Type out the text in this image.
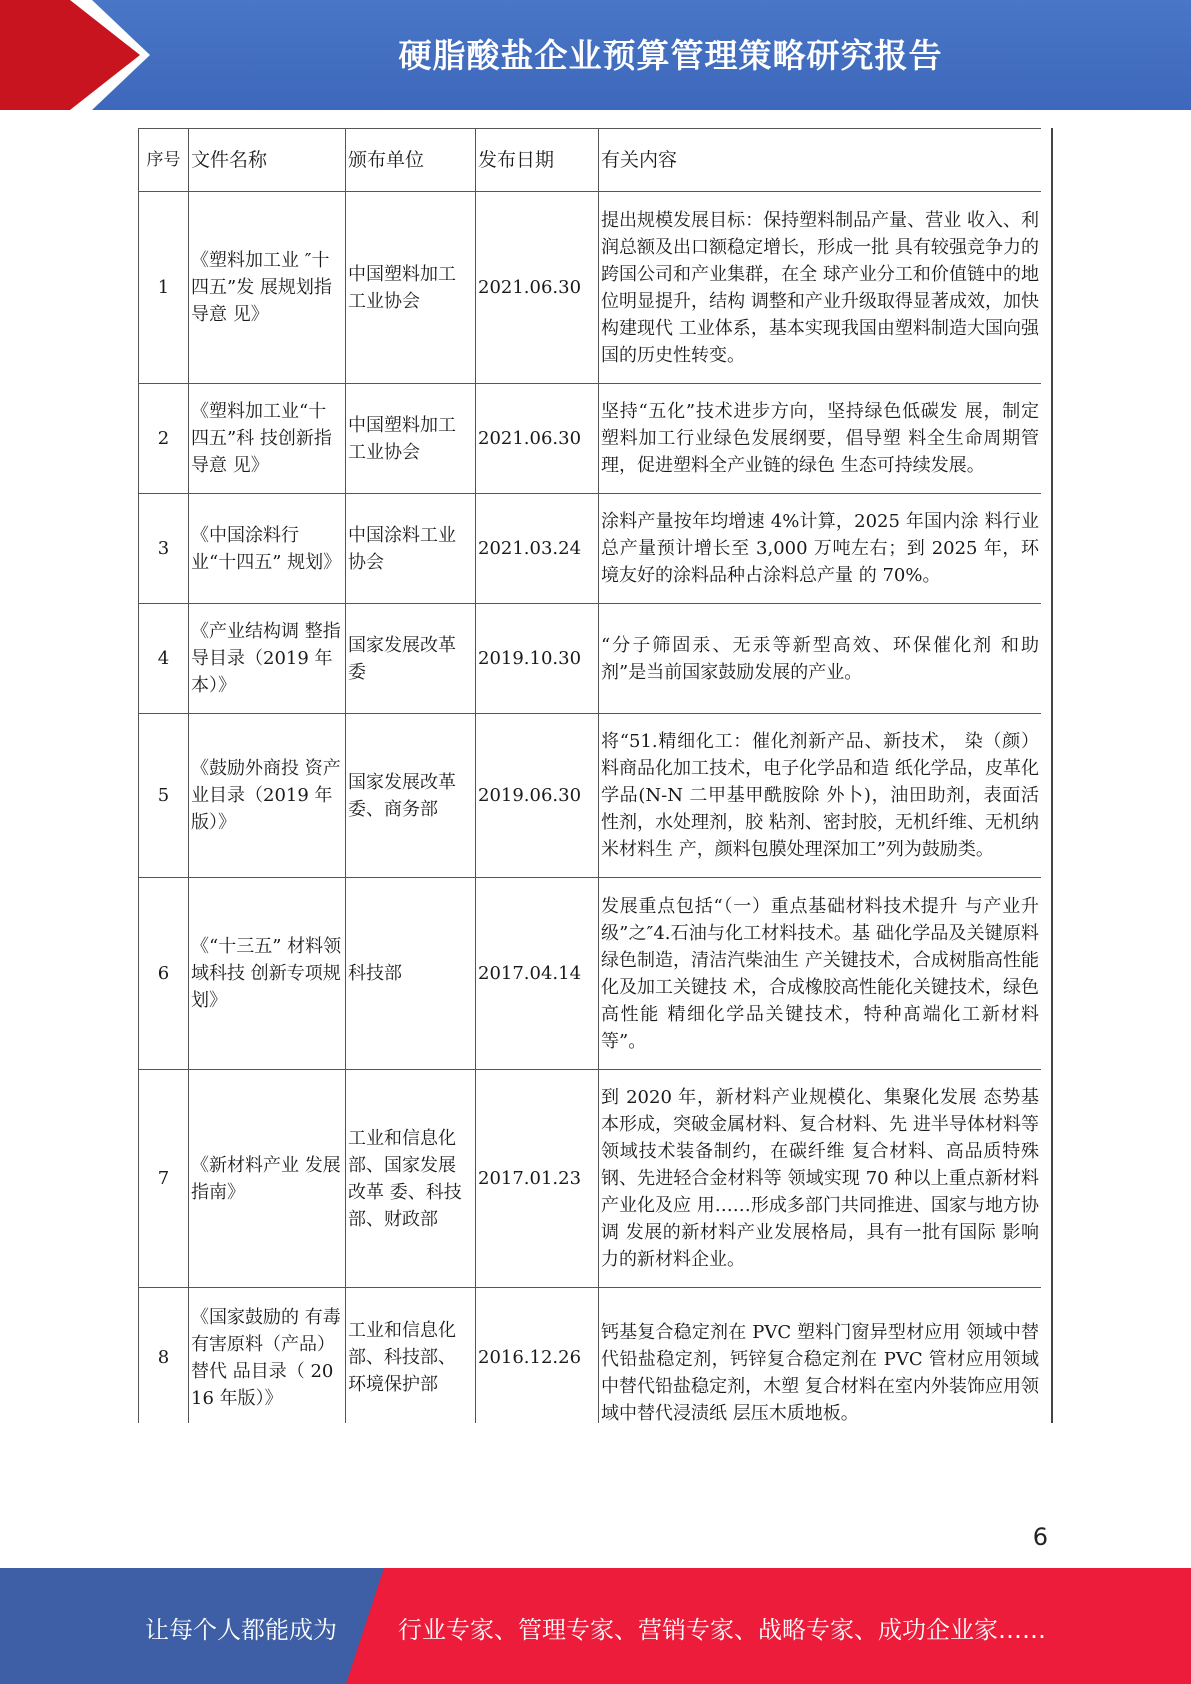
硬脂酸盐企业预算管理策略研究报告
序号	文件名称	颁布单位	发布日期	有关内容
1	《塑料加工业 ″十四五”发 展规划指导意 见》	中国塑料加工工业协会	2021.06.30	提出规模发展目标：保持塑料制品产量、营业 收入、利润总额及出口额稳定增长，形成一批 具有较强竞争力的跨国公司和产业集群，在全 球产业分工和价值链中的地位明显提升，结构 调整和产业升级取得显著成效，加快构建现代 工业体系，基本实现我国由塑料制造大国向强 国的历史性转变。
2	《塑料加工业“十四五”科 技创新指导意 见》	中国塑料加工工业协会	2021.06.30	坚持“五化”技术进步方向，坚持绿色低碳发 展，制定塑料加工行业绿色发展纲要，倡导塑 料全生命周期管理，促进塑料全产业链的绿色 生态可持续发展。
3	《中国涂料行 业“十四五” 规划》	中国涂料工业协会	2021.03.24	涂料产量按年均增速 4%计算，2025 年国内涂 料行业总产量预计增长至 3,000 万吨左右；到 2025 年，环境友好的涂料品种占涂料总产量 的 70%。
4	《产业结构调 整指导目录（2019 年本）》	国家发展改革委	2019.10.30	“分子筛固汞、无汞等新型高效、环保催化剂 和助剂”是当前国家鼓励发展的产业。
5	《鼓励外商投 资产业目录（2019 年版）》	国家发展改革委、商务部	2019.06.30	将“51.精细化工：催化剂新产品、新技术， 染（颜）料商品化加工技术，电子化学品和造 纸化学品，皮革化学品(N-N 二甲基甲酰胺除 外卜)，油田助剂，表面活性剂，水处理剂，胶 粘剂、密封胶，无机纤维、无机纳米材料生 产，颜料包膜处理深加工”列为鼓励类。
6	《“十三五” 材料领域科技 创新专项规 划》	科技部	2017.04.14	发展重点包括“（一）重点基础材料技术提升 与产业升级”之″4.石油与化工材料技术。基 础化学品及关键原料绿色制造，清洁汽柴油生 产关键技术，合成树脂高性能化及加工关键技 术，合成橡胶高性能化关键技术，绿色高性能 精细化学品关键技术，特种髙端化工新材料 等”。
7	《新材料产业 发展指南》	工业和信息化部、国家发展改革 委、科技 部、财政部	2017.01.23	到 2020 年，新材料产业规模化、集聚化发展 态势基本形成，突破金属材料、复合材料、先 进半导体材料等领域技术装备制约，在碳纤维 复合材料、高品质特殊钢、先进轻合金材料等 领域实现 70 种以上重点新材料产业化及应 用……形成多部门共同推进、国家与地方协调 发展的新材料产业发展格局，具有一批有国际 影响力的新材料企业。
8	《国家鼓励的 有毒有害原料（产品）替代 品目录（ 2016 年版）》	工业和信息化部、科技部、环境保护部	2016.12.26	钙基复合稳定剂在 PVC 塑料门窗异型材应用 领域中替代铅盐稳定剂，钙锌复合稳定剂在 PVC 管材应用领域中替代铅盐稳定剂，木塑 复合材料在室内外装饰应用领域中替代浸渍纸 层压木质地板。
6
让每个人都能成为	行业专家、管理专家、营销专家、战略专家、成功企业家……
